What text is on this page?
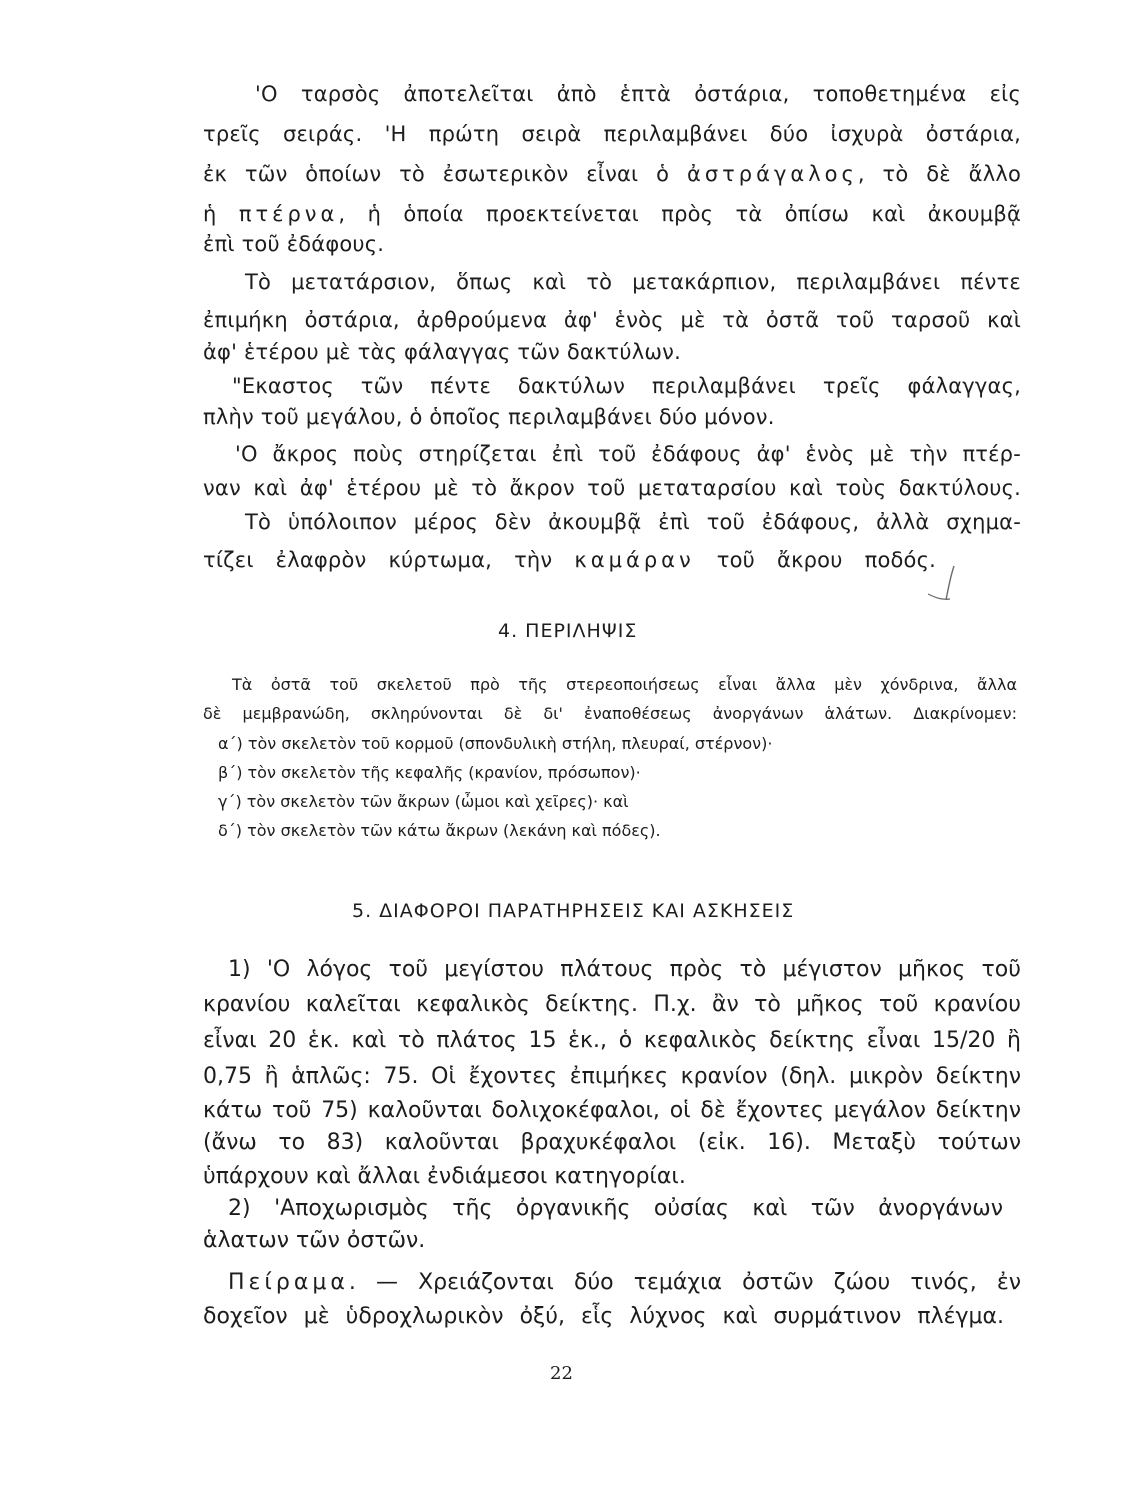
'Ο ταρσὸς ἀποτελεῖται ἀπὸ ἑπτὰ ὀστάρια, τοποθετημένα εἰς
τρεῖς σειράς. 'Η πρώτη σειρὰ περιλαμβάνει δύο ἰσχυρὰ ὀστάρια,
ἐκ τῶν ὁποίων τὸ ἐσωτερικὸν εἶναι ὁ ἀστράγαλος, τὸ δὲ ἄλλο
ἡ πτέρνα, ἡ ὁποία προεκτείνεται πρὸς τὰ ὀπίσω καὶ ἀκουμβᾷ
ἐπὶ τοῦ ἐδάφους.
Τὸ μετατάρσιον, ὅπως καὶ τὸ μετακάρπιον, περιλαμβάνει πέντε
ἐπιμήκη ὀστάρια, ἀρθρούμενα ἀφ' ἑνὸς μὲ τὰ ὀστᾶ τοῦ ταρσοῦ καὶ
ἀφ' ἑτέρου μὲ τὰς φάλαγγας τῶν δακτύλων.
"Εκαστος τῶν πέντε δακτύλων περιλαμβάνει τρεῖς φάλαγγας,
πλὴν τοῦ μεγάλου, ὁ ὁποῖος περιλαμβάνει δύο μόνον.
'Ο ἄκρος ποὺς στηρίζεται ἐπὶ τοῦ ἐδάφους ἀφ' ἑνὸς μὲ τὴν πτέρ-
ναν καὶ ἀφ' ἑτέρου μὲ τὸ ἄκρον τοῦ μεταταρσίου καὶ τοὺς δακτύλους.
Τὸ ὑπόλοιπον μέρος δὲν ἀκουμβᾷ ἐπὶ τοῦ ἐδάφους, ἀλλὰ σχημα-
τίζει ἐλαφρὸν κύρτωμα, τὴν καμάραν τοῦ ἄκρου ποδός.
4. ΠΕΡΙΛΗΨΙΣ
Τὰ ὀστᾶ τοῦ σκελετοῦ πρὸ τῆς στερεοποιήσεως εἶναι ἄλλα μὲν χόνδρινα, ἄλλα
δὲ μεμβρανώδη, σκληρύνονται δὲ δι' ἐναποθέσεως ἀνοργάνων ἁλάτων. Διακρίνομεν:
α΄) τὸν σκελετὸν τοῦ κορμοῦ (σπονδυλικὴ στήλη, πλευραί, στέρνον)·
β΄) τὸν σκελετὸν τῆς κεφαλῆς (κρανίον, πρόσωπον)·
γ΄) τὸν σκελετὸν τῶν ἄκρων (ὦμοι καὶ χεῖρες)· καὶ
δ΄) τὸν σκελετὸν τῶν κάτω ἄκρων (λεκάνη καὶ πόδες).
5. ΔΙΑΦΟΡΟΙ ΠΑΡΑΤΗΡΗΣΕΙΣ ΚΑΙ ΑΣΚΗΣΕΙΣ
1) 'Ο λόγος τοῦ μεγίστου πλάτους πρὸς τὸ μέγιστον μῆκος τοῦ
κρανίου καλεῖται κεφαλικὸς δείκτης. Π.χ. ἂν τὸ μῆκος τοῦ κρανίου
εἶναι 20 ἑκ. καὶ τὸ πλάτος 15 ἑκ., ὁ κεφαλικὸς δείκτης εἶναι 15/20 ἢ
0,75 ἢ ἁπλῶς: 75. Οἱ ἔχοντες ἐπιμήκες κρανίον (δηλ. μικρὸν δείκτην
κάτω τοῦ 75) καλοῦνται δολιχοκέφαλοι, οἱ δὲ ἔχοντες μεγάλον δείκτην
(ἄνω το 83) καλοῦνται βραχυκέφαλοι (εἰκ. 16). Μεταξὺ τούτων
ὑπάρχουν καὶ ἄλλαι ἐνδιάμεσοι κατηγορίαι.
2) 'Αποχωρισμὸς τῆς ὀργανικῆς οὐσίας καὶ τῶν ἀνοργάνων
ἁλατων τῶν ὀστῶν.
Πείραμα. — Χρειάζονται δύο τεμάχια ὀστῶν ζώου τινός, ἐν
δοχεῖον μὲ ὑδροχλωρικὸν ὀξύ, εἷς λύχνος καὶ συρμάτινον πλέγμα.
22
